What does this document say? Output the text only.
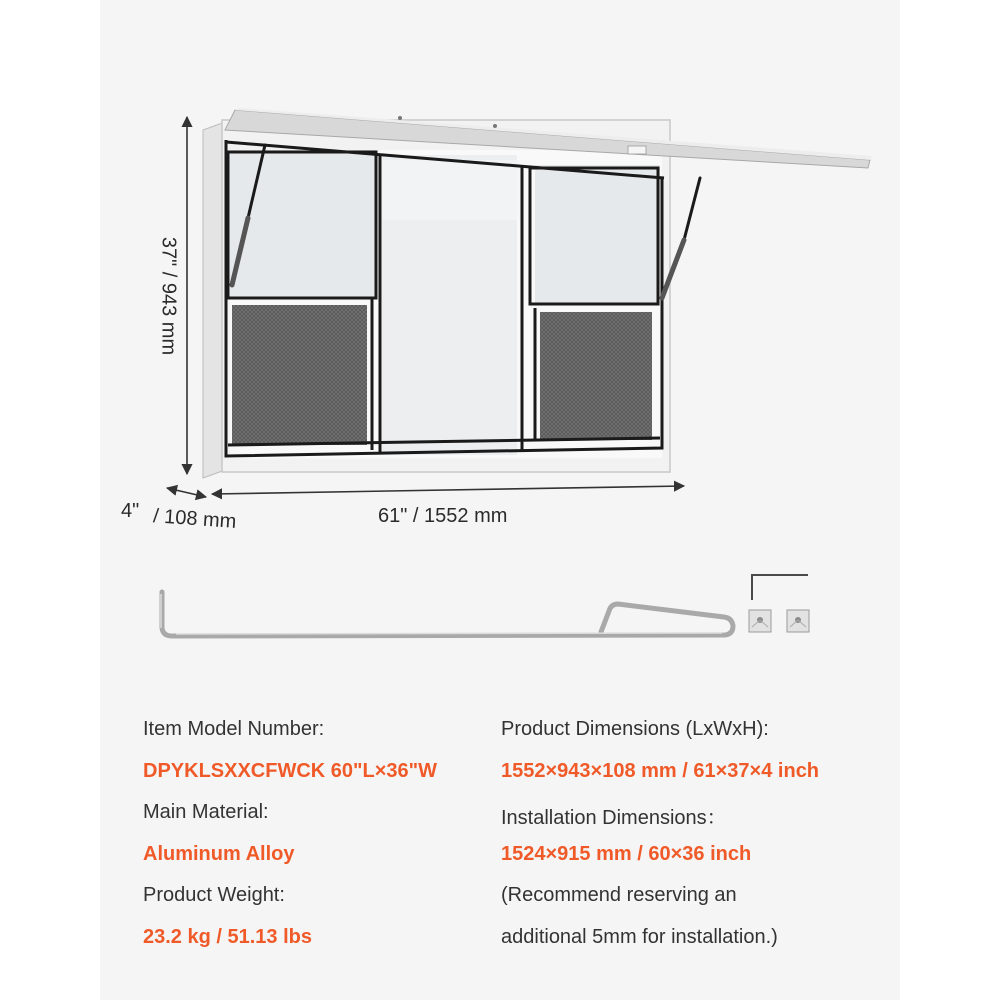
37" / 943 mm
4" / 108 mm	61" / 1552 mm
Item Model Number:
DPYKLSXXCFWCK 60"L×36"W
Main Material:
Aluminum Alloy
Product Weight:
23.2 kg / 51.13 lbs
Product Dimensions (LxWxH):
1552×943×108 mm / 61×37×4 inch
Installation Dimensions：
1524×915 mm / 60×36 inch
(Recommend reserving an
additional 5mm for installation.)
